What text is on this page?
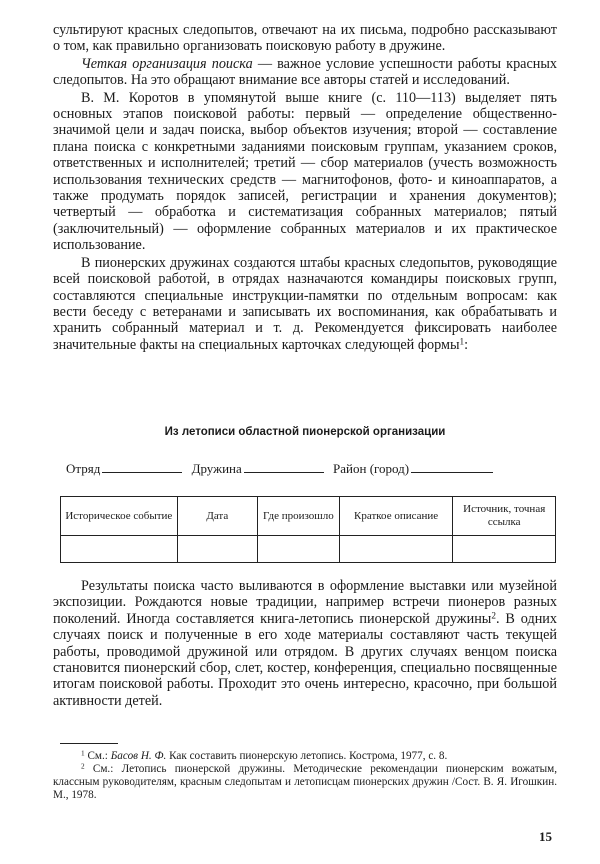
сультируют красных следопытов, отвечают на их письма, подробно рассказывают о том, как правильно организовать поисковую работу в дружине.

Четкая организация поиска — важное условие успешности работы красных следопытов. На это обращают внимание все авторы статей и исследований.

В. М. Коротов в упомянутой выше книге (с. 110—113) выделяет пять основных этапов поисковой работы: первый — определение общественно-значимой цели и задач поиска, выбор объектов изучения; второй — составление плана поиска с конкретными заданиями поисковым группам, указанием сроков, ответственных и исполнителей; третий — сбор материалов (учесть возможность использования технических средств — магнитофонов, фото- и киноаппаратов, а также продумать порядок записей, регистрации и хранения документов); четвертый — обработка и систематизация собранных материалов; пятый (заключительный) — оформление собранных материалов и их практическое использование.

В пионерских дружинах создаются штабы красных следопытов, руководящие всей поисковой работой, в отрядах назначаются командиры поисковых групп, составляются специальные инструкции-памятки по отдельным вопросам: как вести беседу с ветеранами и записывать их воспоминания, как обрабатывать и хранить собранный материал и т. д. Рекомендуется фиксировать наиболее значительные факты на специальных карточках следующей формы$^1$:

Из летописи областной пионерской организации
Отряд	Дружина	Район (город)
Историческое событие	Дата	Где произошло	Краткое описание	Источник, точная ссылка

Результаты поиска часто выливаются в оформление выставки или музейной экспозиции. Рождаются новые традиции, например встречи пионеров разных поколений. Иногда составляется книга-летопись пионерской дружины$^2$. В одних случаях поиск и полученные в его ходе материалы составляют часть текущей работы, проводимой дружиной или отрядом. В других случаях венцом поиска становится пионерский сбор, слет, костер, конференция, специально посвященные итогам поисковой работы. Проходит это очень интересно, красочно, при большой активности детей.

$^1$ См.: Басов Н. Ф. Как составить пионерскую летопись. Кострома, 1977, с. 8.

$^2$ См.: Летопись пионерской дружины. Методические рекомендации пионерским вожатым, классным руководителям, красным следопытам и летописцам пионерских дружин /Сост. В. Я. Игошкин. М., 1978.

15
